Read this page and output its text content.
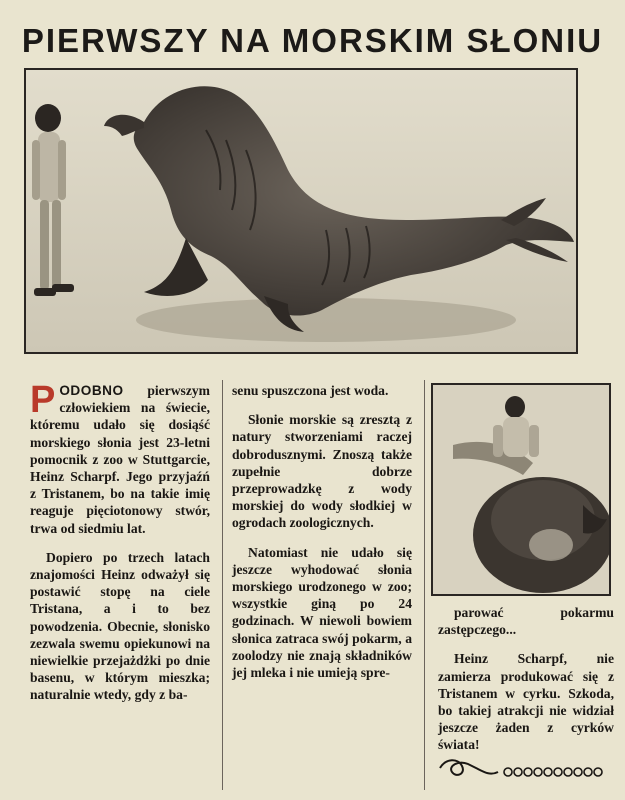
PIERWSZY NA MORSKIM SŁONIU

PODOBNO pierwszym człowiekiem na świecie, któremu udało się dosiąść morskiego słonia jest 23-letni pomocnik z zoo w Stuttgarcie, Heinz Scharpf. Jego przyjaźń z Tristanem, bo na takie imię reaguje pięciotonowy stwór, trwa od siedmiu lat.

Dopiero po trzech latach znajomości Heinz odważył się postawić stopę na ciele Tristana, a i to bez powodzenia. Obecnie, słonisko zezwala swemu opiekunowi na niewielkie przejażdżki po dnie basenu, w którym mieszka; naturalnie wtedy, gdy z ba-

senu spuszczona jest woda.

Słonie morskie są zresztą z natury stworzeniami raczej dobrodusznymi. Znoszą także zupełnie dobrze przeprowadzkę z wody morskiej do wody słodkiej w ogrodach zoologicznych.

Natomiast nie udało się jeszcze wyhodować słonia morskiego urodzonego w zoo; wszystkie giną po 24 godzinach. W niewoli bowiem słonica zatraca swój pokarm, a zoolodzy nie znają składników jej mleka i nie umieją spre-

parować pokarmu zastępczego...

Heinz Scharpf, nie zamierza produkować się z Tristanem w cyrku. Szkoda, bo takiej atrakcji nie widział jeszcze żaden z cyrków świata!
